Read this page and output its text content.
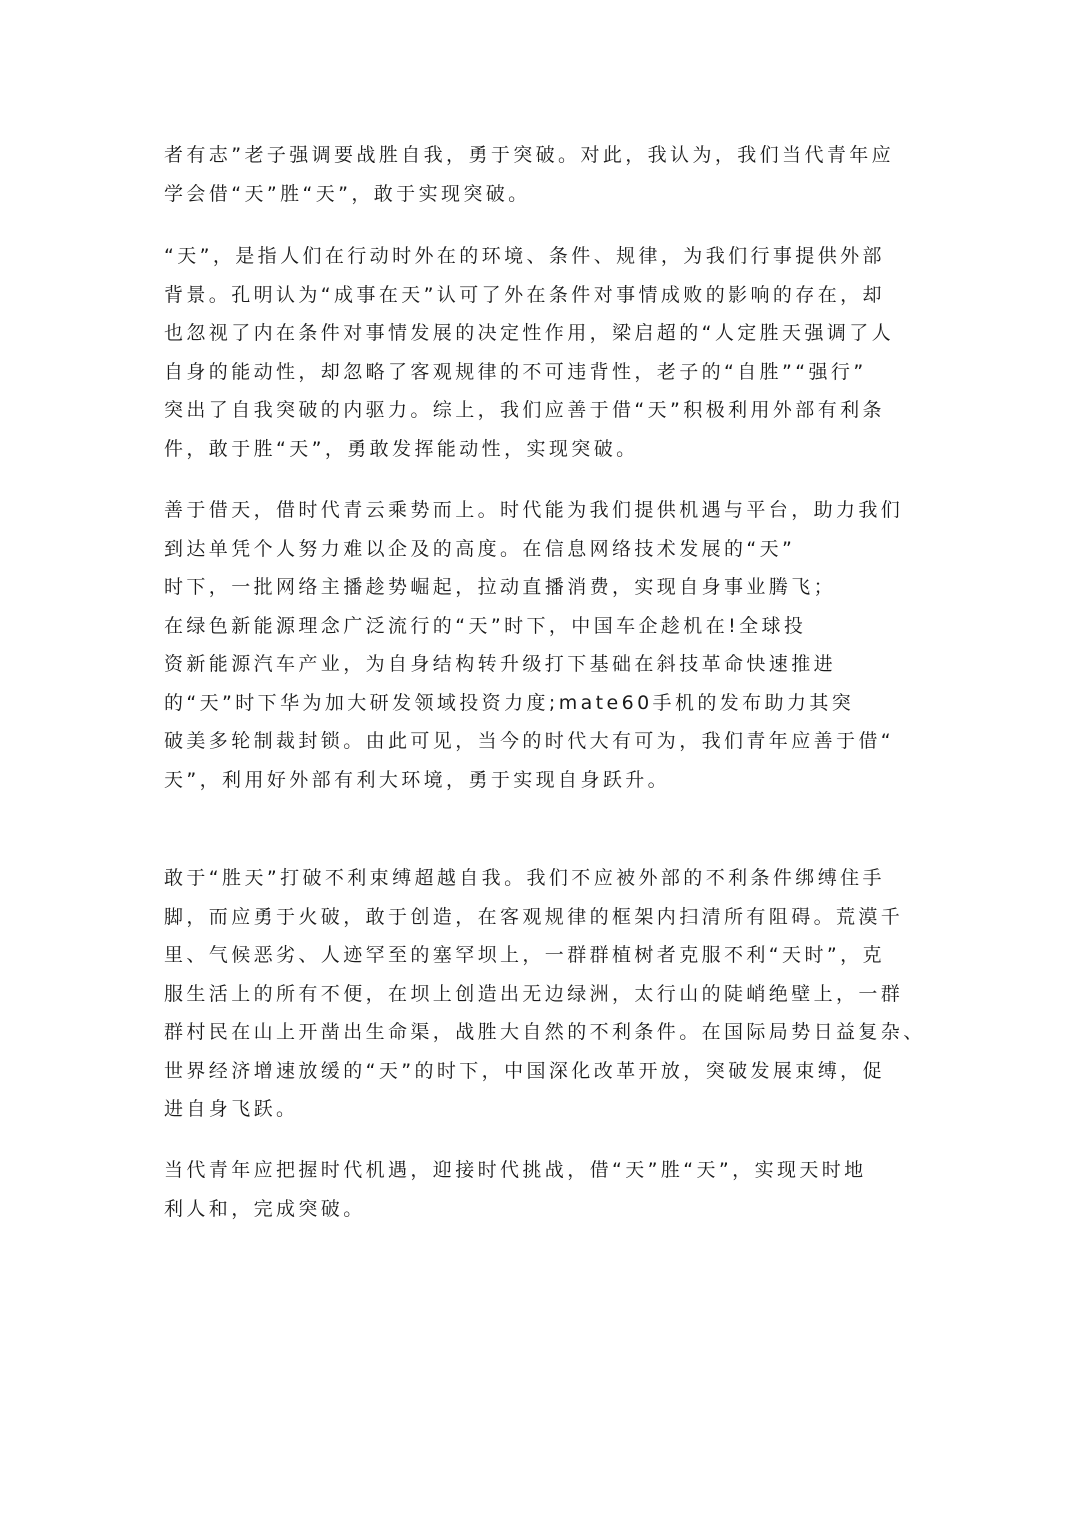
者有志”老子强调要战胜自我，勇于突破。对此，我认为，我们当代青年应
学会借“天”胜“天”，敢于实现突破。
“天”，是指人们在行动时外在的环境、条件、规律，为我们行事提供外部
背景。孔明认为“成事在天”认可了外在条件对事情成败的影响的存在，却
也忽视了内在条件对事情发展的决定性作用，梁启超的“人定胜天强调了人
自身的能动性，却忽略了客观规律的不可违背性，老子的“自胜”“强行”
突出了自我突破的内驱力。综上，我们应善于借“天”积极利用外部有利条
件，敢于胜“天”，勇敢发挥能动性，实现突破。
善于借天，借时代青云乘势而上。时代能为我们提供机遇与平台，助力我们
到达单凭个人努力难以企及的高度。在信息网络技术发展的“天”
时下，一批网络主播趁势崛起，拉动直播消费，实现自身事业腾飞；
在绿色新能源理念广泛流行的“天”时下，中国车企趁机在!全球投
资新能源汽车产业，为自身结构转升级打下基础在斜技革命快速推进
的“天”时下华为加大研发领域投资力度;mate60手机的发布助力其突
破美多轮制裁封锁。由此可见，当今的时代大有可为，我们青年应善于借“
天”，利用好外部有利大环境，勇于实现自身跃升。
敢于“胜天”打破不利束缚超越自我。我们不应被外部的不利条件绑缚住手
脚，而应勇于火破，敢于创造，在客观规律的框架内扫清所有阻碍。荒漠千
里、气候恶劣、人迹罕至的塞罕坝上，一群群植树者克服不利“天时”，克
服生活上的所有不便，在坝上创造出无边绿洲，太行山的陡峭绝壁上，一群
群村民在山上开凿出生命渠，战胜大自然的不利条件。在国际局势日益复杂、
世界经济增速放缓的“天”的时下，中国深化改革开放，突破发展束缚，促
进自身飞跃。
当代青年应把握时代机遇，迎接时代挑战，借“天”胜“天”，实现天时地
利人和，完成突破。
